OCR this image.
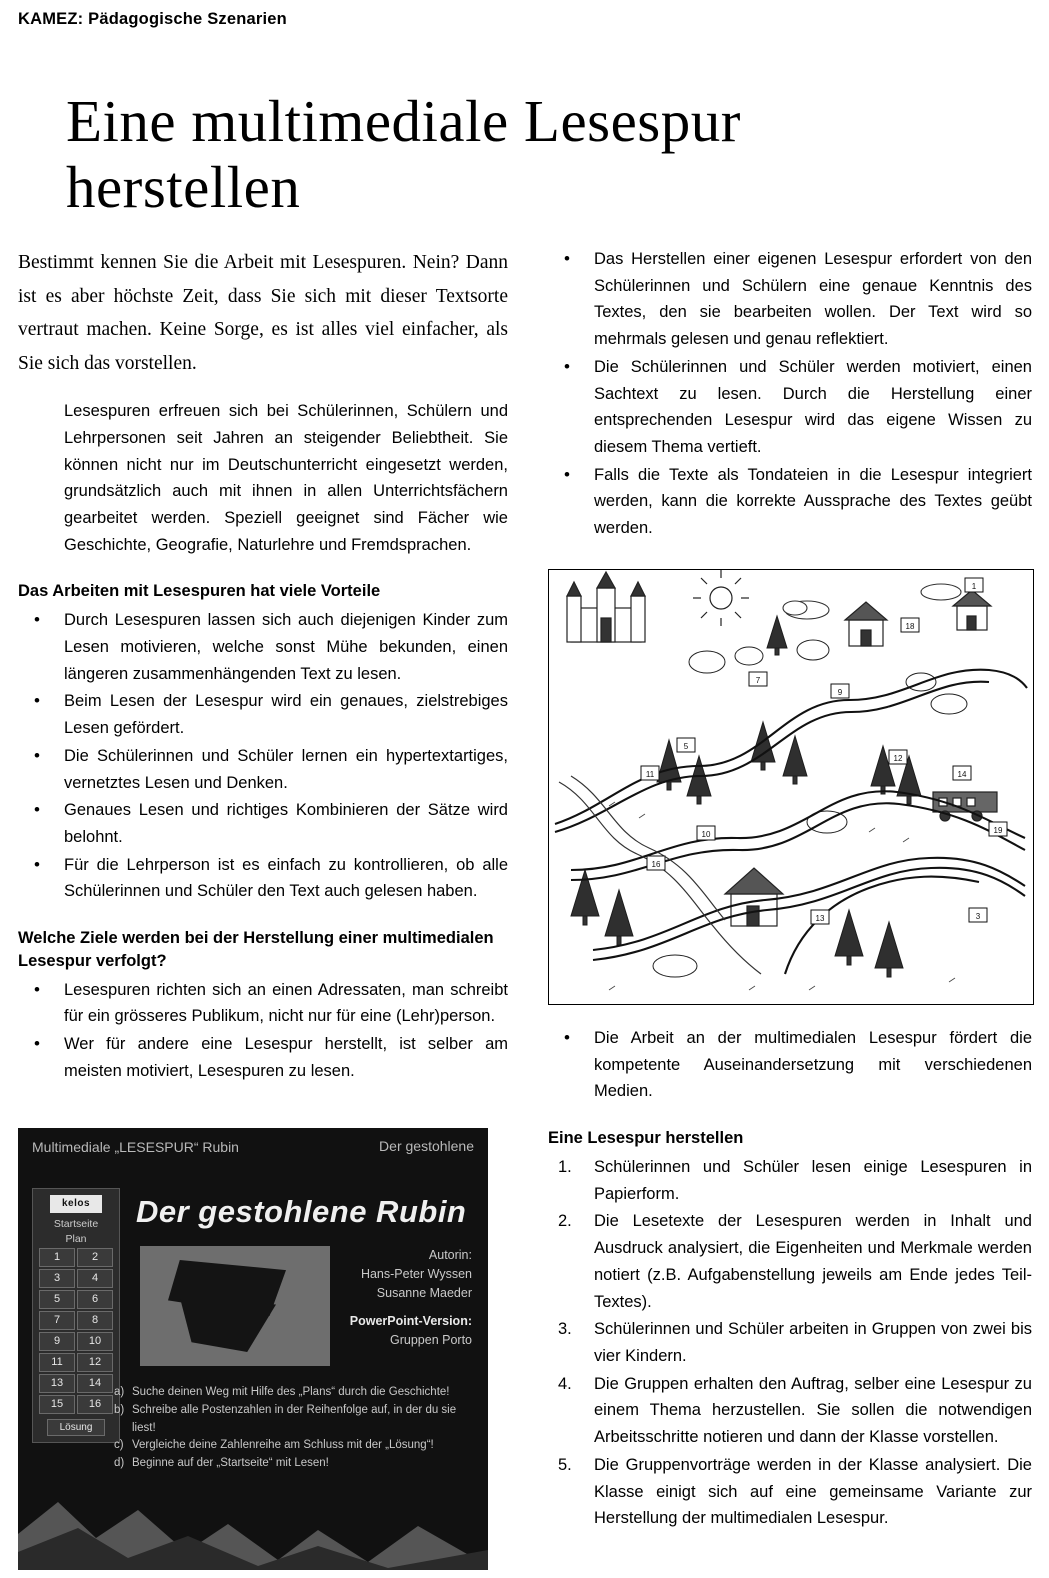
KAMEZ: Pädagogische Szenarien
Eine multimediale Lesespur herstellen

Bestimmt kennen Sie die Arbeit mit Lesespuren. Nein? Dann ist es aber höchste Zeit, dass Sie sich mit dieser Textsorte vertraut machen. Keine Sorge, es ist alles viel einfacher, als Sie sich das vorstellen.

Lesespuren erfreuen sich bei Schülerinnen, Schülern und Lehrpersonen seit Jahren an steigender Beliebtheit. Sie können nicht nur im Deutschunterricht eingesetzt werden, grundsätzlich auch mit ihnen in allen Unterrichtsfächern gearbeitet werden. Speziell geeignet sind Fächer wie Geschichte, Geografie, Naturlehre und Fremdsprachen.

Das Arbeiten mit Lesespuren hat viele Vorteile
• Durch Lesespuren lassen sich auch diejenigen Kinder zum Lesen motivieren, welche sonst Mühe bekunden, einen längeren zusammenhängenden Text zu lesen.
• Beim Lesen der Lesespur wird ein genaues, zielstrebiges Lesen gefördert.
• Die Schülerinnen und Schüler lernen ein hypertextartiges, vernetztes Lesen und Denken.
• Genaues Lesen und richtiges Kombinieren der Sätze wird belohnt.
• Für die Lehrperson ist es einfach zu kontrollieren, ob alle Schülerinnen und Schüler den Text auch gelesen haben.
Welche Ziele werden bei der Herstellung einer multimedialen Lesespur verfolgt?
• Lesespuren richten sich an einen Adressaten, man schreibt für ein grösseres Publikum, nicht nur für eine (Lehr)person.
• Wer für andere eine Lesespur herstellt, ist selber am meisten motiviert, Lesespuren zu lesen.
• Das Herstellen einer eigenen Lesespur erfordert von den Schülerinnen und Schülern eine genaue Kenntnis des Textes, den sie bearbeiten wollen. Der Text wird so mehrmals gelesen und genau reflektiert.
• Die Schülerinnen und Schüler werden motiviert, einen Sachtext zu lesen. Durch die Herstellung einer entsprechenden Lesespur wird das eigene Wissen zu diesem Thema vertieft.
• Falls die Texte als Tondateien in die Lesespur integriert werden, kann die korrekte Aussprache des Textes geübt werden.
1
18
7
9
5
11
12
14
19
16
13	3
10
• Die Arbeit an der multimedialen Lesespur fördert die kompetente Auseinandersetzung mit verschiedenen Medien.
Eine Lesespur herstellen
1. Schülerinnen und Schüler lesen einige Lesespuren in Papierform.
2. Die Lesetexte der Lesespuren werden in Inhalt und Ausdruck analysiert, die Eigenheiten und Merkmale werden notiert (z.B. Aufgabenstellung jeweils am Ende jedes Teil-Textes).
3. Schülerinnen und Schüler arbeiten in Gruppen von zwei bis vier Kindern.
4. Die Gruppen erhalten den Auftrag, selber eine Lesespur zu einem Thema herzustellen. Sie sollen die notwendigen Arbeitsschritte notieren und dann der Klasse vorstellen.
5. Die Gruppenvorträge werden in der Klasse analysiert. Die Klasse einigt sich auf eine gemeinsame Variante zur Herstellung der multimedialen Lesespur.
Multimediale „LESESPUR“ Rubin	Der gestohlene
Der gestohlene Rubin
kelos
Startseite
Plan
1	2
3	4
5	6
7	8
9	10
11	12
13	14
15	16
Lösung
Autorin:
Hans-Peter Wyssen
Susanne Maeder
PowerPoint-Version:
Gruppen Porto
a) Suche deinen Weg mit Hilfe des „Plans“ durch die Geschichte!
b) Schreibe alle Postenzahlen in der Reihenfolge auf, in der du sie liest!
c) Vergleiche deine Zahlenreihe am Schluss mit der „Lösung“!
d) Beginne auf der „Startseite“ mit Lesen!
